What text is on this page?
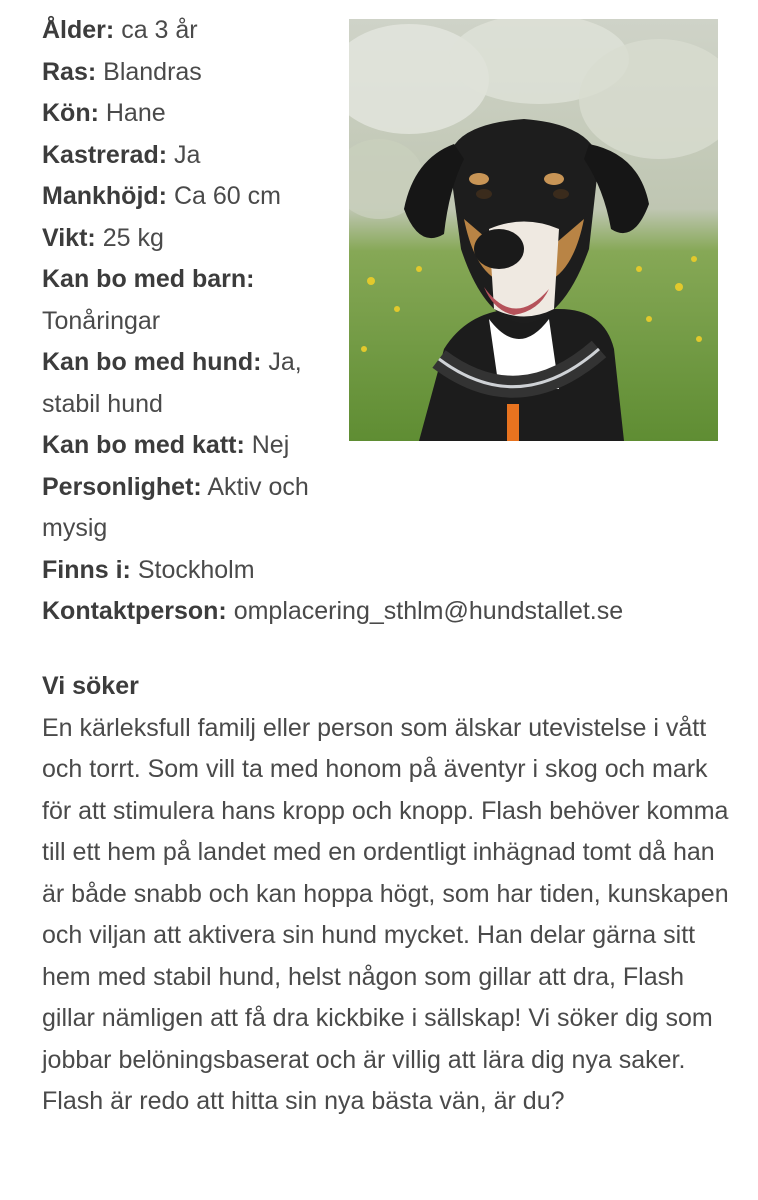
Ålder: ca 3 år

Ras: Blandras

Kön: Hane

Kastrerad: Ja

Mankhöjd: Ca 60 cm

Vikt: 25 kg

Kan bo med barn: Tonåringar

Kan bo med hund: Ja, stabil hund

Kan bo med katt: Nej

Personlighet: Aktiv och mysig

Finns i: Stockholm

Kontaktperson: omplacering_sthlm@hundstallet.se

Vi söker

En kärleksfull familj eller person som älskar utevistelse i vått och torrt. Som vill ta med honom på äventyr i skog och mark för att stimulera hans kropp och knopp. Flash behöver komma till ett hem på landet med en ordentligt inhägnad tomt då han är både snabb och kan hoppa högt, som har tiden, kunskapen och viljan att aktivera sin hund mycket. Han delar gärna sitt hem med stabil hund, helst någon som gillar att dra, Flash gillar nämligen att få dra kickbike i sällskap! Vi söker dig som jobbar belöningsbaserat och är villig att lära dig nya saker. Flash är redo att hitta sin nya bästa vän, är du?
